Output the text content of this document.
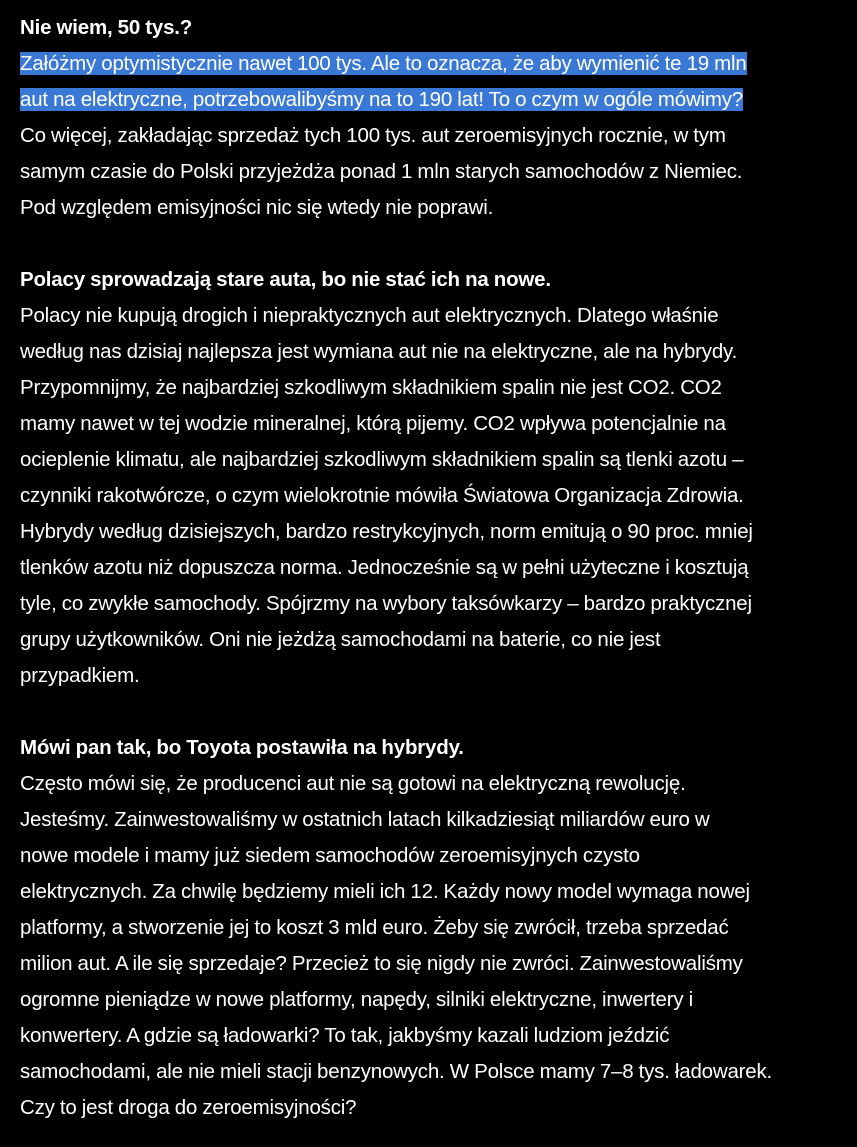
Nie wiem, 50 tys.?
Załóżmy optymistycznie nawet 100 tys. Ale to oznacza, że aby wymienić te 19 mln
aut na elektryczne, potrzebowalibyśmy na to 190 lat! To o czym w ogóle mówimy?
Co więcej, zakładając sprzedaż tych 100 tys. aut zeroemisyjnych rocznie, w tym
samym czasie do Polski przyjeżdża ponad 1 mln starych samochodów z Niemiec.
Pod względem emisyjności nic się wtedy nie poprawi.
Polacy sprowadzają stare auta, bo nie stać ich na nowe.
Polacy nie kupują drogich i niepraktycznych aut elektrycznych. Dlatego właśnie
według nas dzisiaj najlepsza jest wymiana aut nie na elektryczne, ale na hybrydy.
Przypomnijmy, że najbardziej szkodliwym składnikiem spalin nie jest CO2. CO2
mamy nawet w tej wodzie mineralnej, którą pijemy. CO2 wpływa potencjalnie na
ocieplenie klimatu, ale najbardziej szkodliwym składnikiem spalin są tlenki azotu –
czynniki rakotwórcze, o czym wielokrotnie mówiła Światowa Organizacja Zdrowia.
Hybrydy według dzisiejszych, bardzo restrykcyjnych, norm emitują o 90 proc. mniej
tlenków azotu niż dopuszcza norma. Jednocześnie są w pełni użyteczne i kosztują
tyle, co zwykłe samochody. Spójrzmy na wybory taksówkarzy – bardzo praktycznej
grupy użytkowników. Oni nie jeżdżą samochodami na baterie, co nie jest
przypadkiem.
Mówi pan tak, bo Toyota postawiła na hybrydy.
Często mówi się, że producenci aut nie są gotowi na elektryczną rewolucję.
Jesteśmy. Zainwestowaliśmy w ostatnich latach kilkadziesiąt miliardów euro w
nowe modele i mamy już siedem samochodów zeroemisyjnych czysto
elektrycznych. Za chwilę będziemy mieli ich 12. Każdy nowy model wymaga nowej
platformy, a stworzenie jej to koszt 3 mld euro. Żeby się zwrócił, trzeba sprzedać
milion aut. A ile się sprzedaje? Przecież to się nigdy nie zwróci. Zainwestowaliśmy
ogromne pieniądze w nowe platformy, napędy, silniki elektryczne, inwertery i
konwertery. A gdzie są ładowarki? To tak, jakbyśmy kazali ludziom jeździć
samochodami, ale nie mieli stacji benzynowych. W Polsce mamy 7–8 tys. ładowarek.
Czy to jest droga do zeroemisyjności?
